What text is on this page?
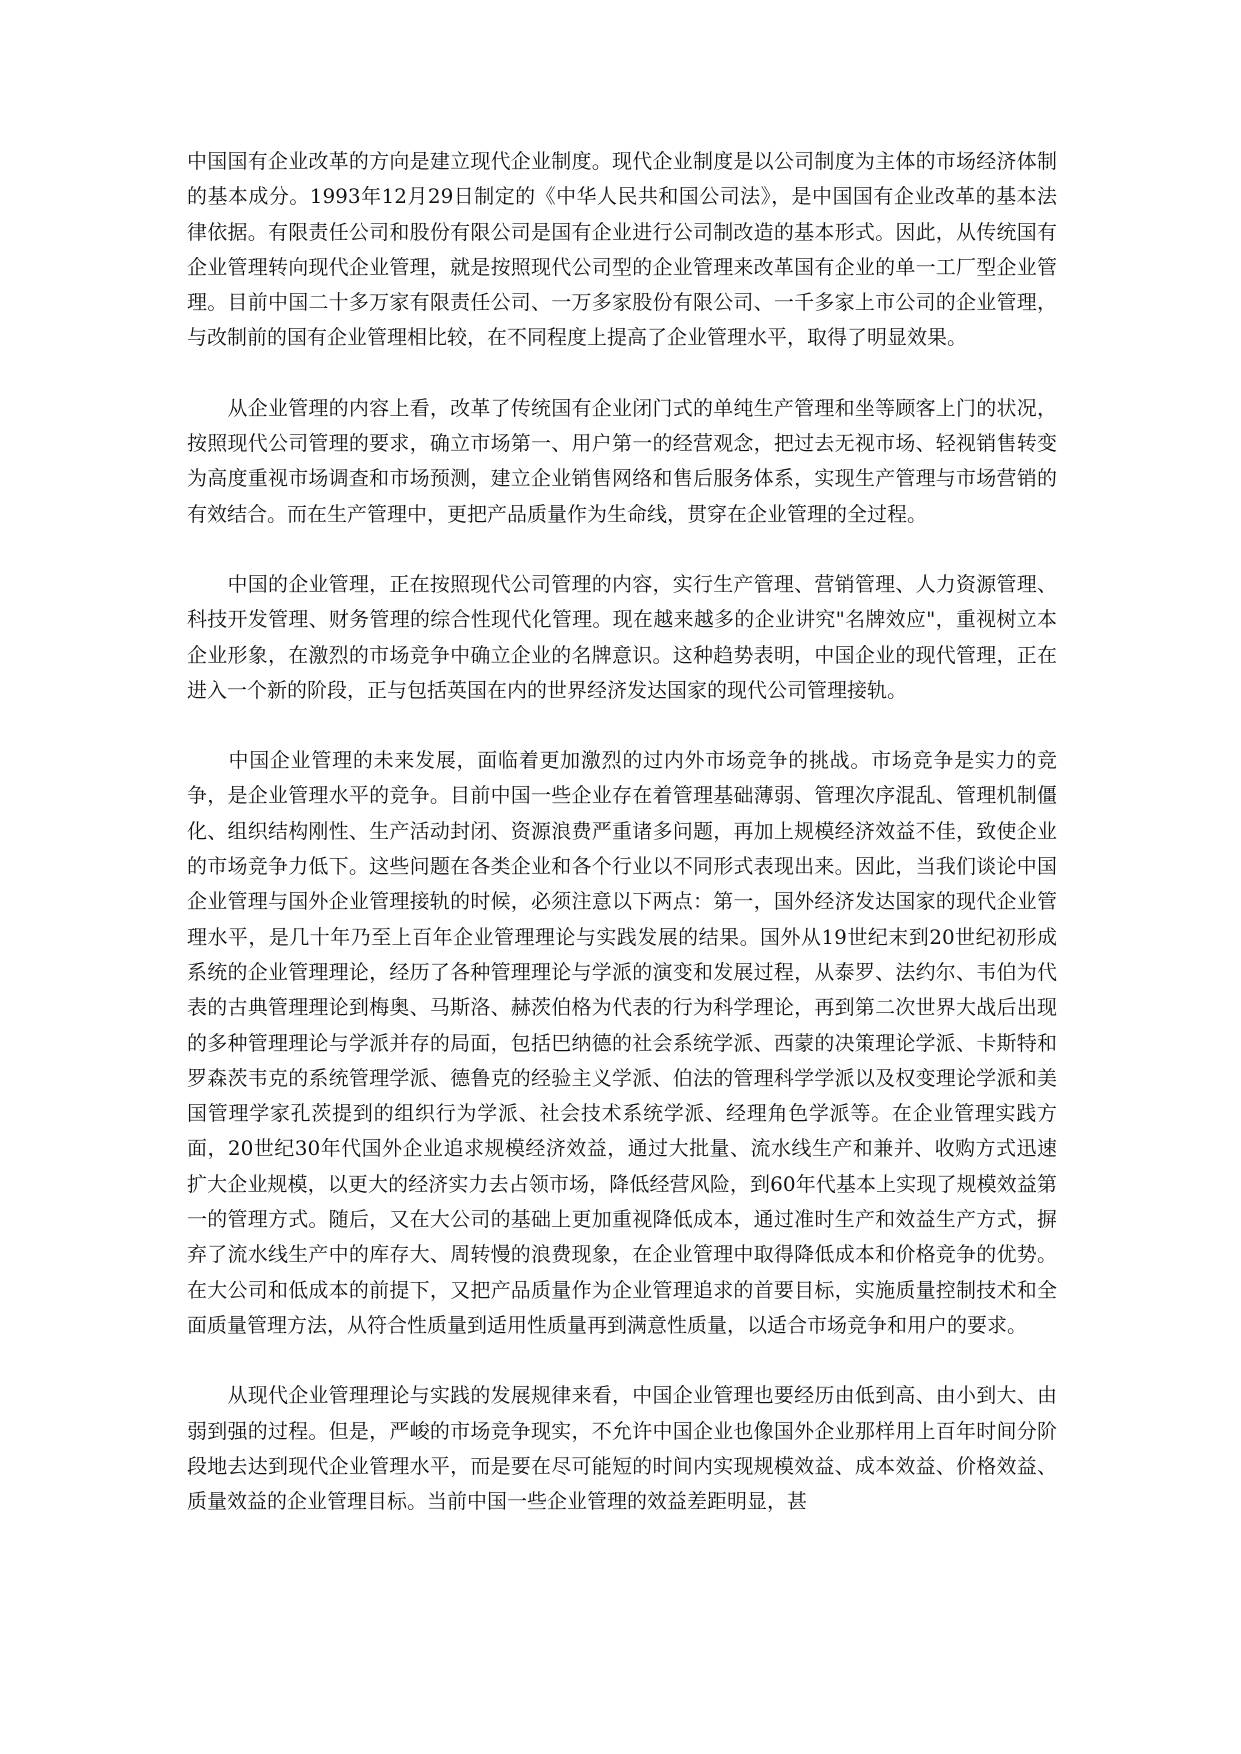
中国国有企业改革的方向是建立现代企业制度。现代企业制度是以公司制度为主体的市场经济体制的基本成分。1993年12月29日制定的《中华人民共和国公司法》，是中国国有企业改革的基本法律依据。有限责任公司和股份有限公司是国有企业进行公司制改造的基本形式。因此，从传统国有企业管理转向现代企业管理，就是按照现代公司型的企业管理来改革国有企业的单一工厂型企业管理。目前中国二十多万家有限责任公司、一万多家股份有限公司、一千多家上市公司的企业管理，与改制前的国有企业管理相比较，在不同程度上提高了企业管理水平，取得了明显效果。

　　从企业管理的内容上看，改革了传统国有企业闭门式的单纯生产管理和坐等顾客上门的状况，按照现代公司管理的要求，确立市场第一、用户第一的经营观念，把过去无视市场、轻视销售转变为高度重视市场调查和市场预测，建立企业销售网络和售后服务体系，实现生产管理与市场营销的有效结合。而在生产管理中，更把产品质量作为生命线，贯穿在企业管理的全过程。

　　中国的企业管理，正在按照现代公司管理的内容，实行生产管理、营销管理、人力资源管理、科技开发管理、财务管理的综合性现代化管理。现在越来越多的企业讲究"名牌效应"，重视树立本企业形象，在激烈的市场竞争中确立企业的名牌意识。这种趋势表明，中国企业的现代管理，正在进入一个新的阶段，正与包括英国在内的世界经济发达国家的现代公司管理接轨。

　　中国企业管理的未来发展，面临着更加激烈的过内外市场竞争的挑战。市场竞争是实力的竞争，是企业管理水平的竞争。目前中国一些企业存在着管理基础薄弱、管理次序混乱、管理机制僵化、组织结构刚性、生产活动封闭、资源浪费严重诸多问题，再加上规模经济效益不佳，致使企业的市场竞争力低下。这些问题在各类企业和各个行业以不同形式表现出来。因此，当我们谈论中国企业管理与国外企业管理接轨的时候，必须注意以下两点：第一，国外经济发达国家的现代企业管理水平，是几十年乃至上百年企业管理理论与实践发展的结果。国外从19世纪末到20世纪初形成系统的企业管理理论，经历了各种管理理论与学派的演变和发展过程，从泰罗、法约尔、韦伯为代表的古典管理理论到梅奥、马斯洛、赫茨伯格为代表的行为科学理论，再到第二次世界大战后出现的多种管理理论与学派并存的局面，包括巴纳德的社会系统学派、西蒙的决策理论学派、卡斯特和罗森茨韦克的系统管理学派、德鲁克的经验主义学派、伯法的管理科学学派以及权变理论学派和美国管理学家孔茨提到的组织行为学派、社会技术系统学派、经理角色学派等。在企业管理实践方面，20世纪30年代国外企业追求规模经济效益，通过大批量、流水线生产和兼并、收购方式迅速扩大企业规模，以更大的经济实力去占领市场，降低经营风险，到60年代基本上实现了规模效益第一的管理方式。随后，又在大公司的基础上更加重视降低成本，通过准时生产和效益生产方式，摒弃了流水线生产中的库存大、周转慢的浪费现象，在企业管理中取得降低成本和价格竞争的优势。在大公司和低成本的前提下，又把产品质量作为企业管理追求的首要目标，实施质量控制技术和全面质量管理方法，从符合性质量到适用性质量再到满意性质量，以适合市场竞争和用户的要求。

　　从现代企业管理理论与实践的发展规律来看，中国企业管理也要经历由低到高、由小到大、由弱到强的过程。但是，严峻的市场竞争现实，不允许中国企业也像国外企业那样用上百年时间分阶段地去达到现代企业管理水平，而是要在尽可能短的时间内实现规模效益、成本效益、价格效益、质量效益的企业管理目标。当前中国一些企业管理的效益差距明显，甚
